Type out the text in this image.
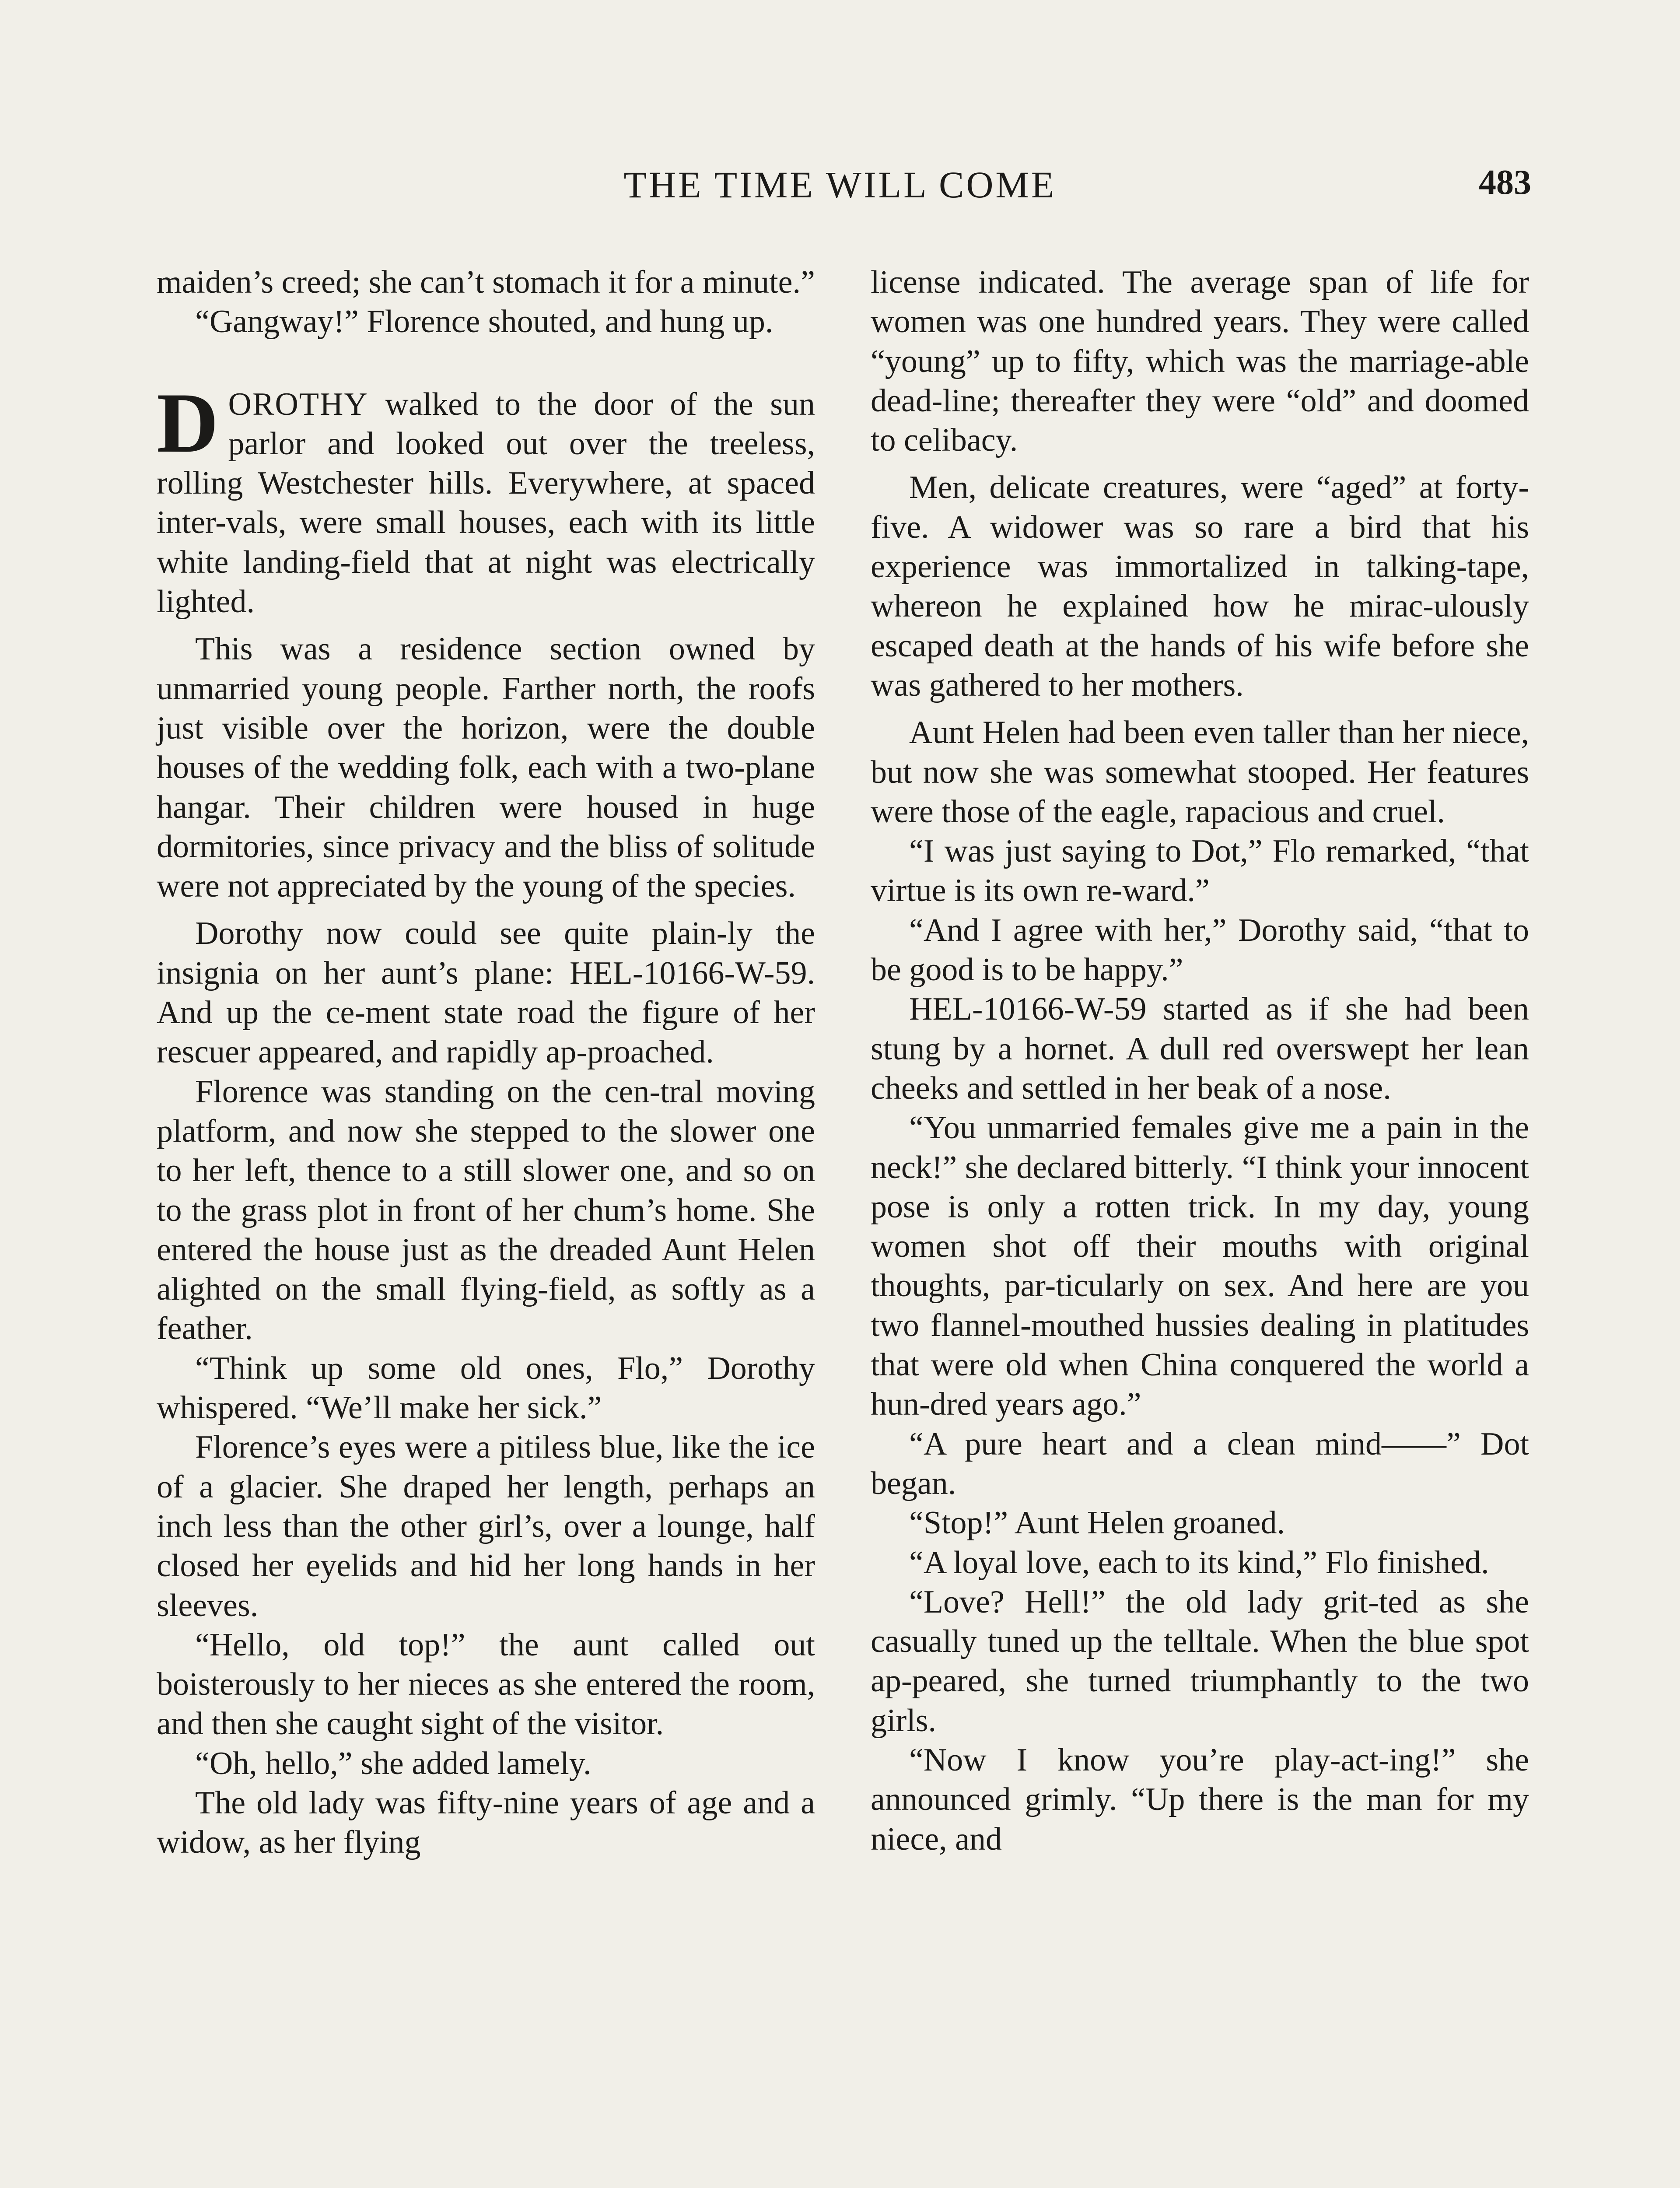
THE TIME WILL COME	483

maiden’s creed; she can’t stomach it for a minute.”

“Gangway!” Florence shouted, and hung up.

DOROTHY walked to the door of the sun parlor and looked out over the treeless, rolling Westchester hills. Everywhere, at spaced inter-vals, were small houses, each with its little white landing-field that at night was electrically lighted.

This was a residence section owned by unmarried young people. Farther north, the roofs just visible over the horizon, were the double houses of the wedding folk, each with a two-plane hangar. Their children were housed in huge dormitories, since privacy and the bliss of solitude were not appreciated by the young of the species.

Dorothy now could see quite plain-ly the insignia on her aunt’s plane: HEL-10166-W-59. And up the ce-ment state road the figure of her rescuer appeared, and rapidly ap-proached.

Florence was standing on the cen-tral moving platform, and now she stepped to the slower one to her left, thence to a still slower one, and so on to the grass plot in front of her chum’s home. She entered the house just as the dreaded Aunt Helen alighted on the small flying-field, as softly as a feather.

“Think up some old ones, Flo,” Dorothy whispered. “We’ll make her sick.”

Florence’s eyes were a pitiless blue, like the ice of a glacier. She draped her length, perhaps an inch less than the other girl’s, over a lounge, half closed her eyelids and hid her long hands in her sleeves.

“Hello, old top!” the aunt called out boisterously to her nieces as she entered the room, and then she caught sight of the visitor.

“Oh, hello,” she added lamely.

The old lady was fifty-nine years of age and a widow, as her flying

license indicated. The average span of life for women was one hundred years. They were called “young” up to fifty, which was the marriage-able dead-line; thereafter they were “old” and doomed to celibacy.

Men, delicate creatures, were “aged” at forty-five. A widower was so rare a bird that his experience was immortalized in talking-tape, whereon he explained how he mirac-ulously escaped death at the hands of his wife before she was gathered to her mothers.

Aunt Helen had been even taller than her niece, but now she was somewhat stooped. Her features were those of the eagle, rapacious and cruel.

“I was just saying to Dot,” Flo remarked, “that virtue is its own re-ward.”

“And I agree with her,” Dorothy said, “that to be good is to be happy.”

HEL-10166-W-59 started as if she had been stung by a hornet. A dull red overswept her lean cheeks and settled in her beak of a nose.

“You unmarried females give me a pain in the neck!” she declared bitterly. “I think your innocent pose is only a rotten trick. In my day, young women shot off their mouths with original thoughts, par-ticularly on sex. And here are you two flannel-mouthed hussies dealing in platitudes that were old when China conquered the world a hun-dred years ago.”

“A pure heart and a clean mind——” Dot began.

“Stop!” Aunt Helen groaned.

“A loyal love, each to its kind,” Flo finished.

“Love? Hell!” the old lady grit-ted as she casually tuned up the telltale. When the blue spot ap-peared, she turned triumphantly to the two girls.

“Now I know you’re play-act-ing!” she announced grimly. “Up there is the man for my niece, and
